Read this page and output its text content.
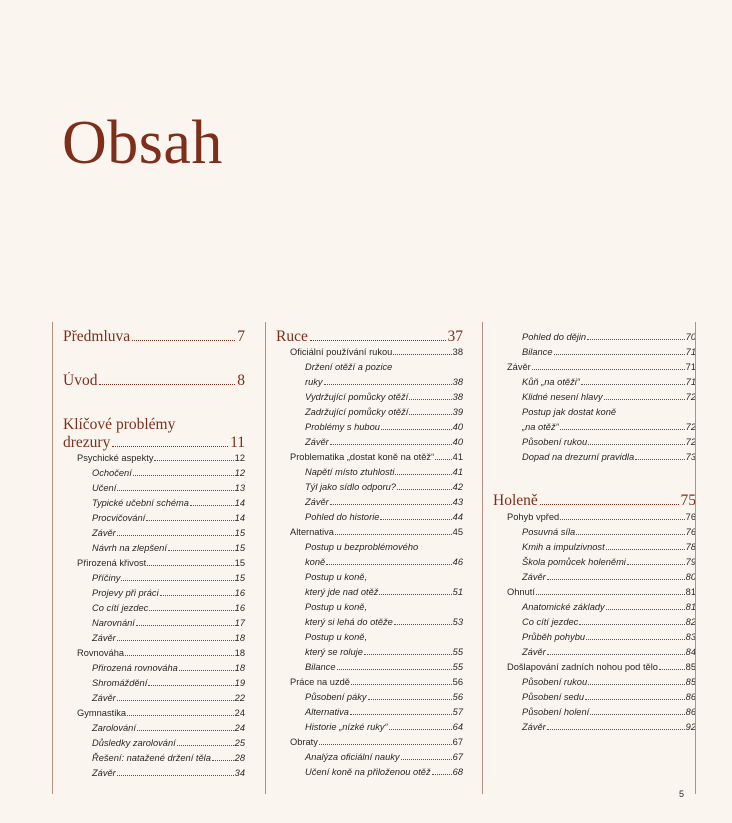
Obsah
Předmluva	7
Úvod	8
Klíčové problémy
drezury	11
Psychické aspekty	12
Ochočení	12
Učení	13
Typické učební schéma	14
Procvičování	14
Závěr	15
Návrh na zlepšení	15
Přirozená křivost	15
Příčiny	15
Projevy při práci	16
Co cítí jezdec	16
Narovnání	17
Závěr	18
Rovnováha	18
Přirozená rovnováha	18
Shromáždění	19
Závěr	22
Gymnastika	24
Zarolování	24
Důsledky zarolování	25
Řešení: natažené držení těla	28
Závěr	34
Ruce	37
Oficiální používání rukou	38
Držení otěží a pozice
ruky	38
Vydržující pomůcky otěží	38
Zadržující pomůcky otěží	39
Problémy s hubou	40
Závěr	40
Problematika „dostat koně na otěž“ 41
Napětí místo ztuhlosti	41
Týl jako sídlo odporu?	42
Závěr	43
Pohled do historie	44
Alternativa	45
Postup u bezproblémového
koně	46
Postup u koně,
který jde nad otěž	51
Postup u koně,
který si lehá do otěže	53
Postup u koně,
který se roluje	55
Bilance	55
Práce na uzdě	56
Působení páky	56
Alternativa	57
Historie „nízké ruky“	64
Obraty	67
Analýza oficiální nauky	67
Učení koně na přiloženou otěž 68
Pohled do dějin	70
Bilance	71
Závěr	71
Kůň „na otěži“	71
Klidné nesení hlavy	72
Postup jak dostat koně
„na otěž“	72
Působení rukou	72
Dopad na drezurní pravidla	73
Holeně	75
Pohyb vpřed	76
Posuvná síla	76
Kmih a impulzivnost	78
Škola pomůcek holeněmi	79
Závěr	80
Ohnutí	81
Anatomické základy	81
Co cítí jezdec	82
Průběh pohybu	83
Závěr	84
Došlapování zadních nohou pod tělo	85
Působení rukou	85
Působení sedu	86
Působení holení	86
Závěr	92
5
